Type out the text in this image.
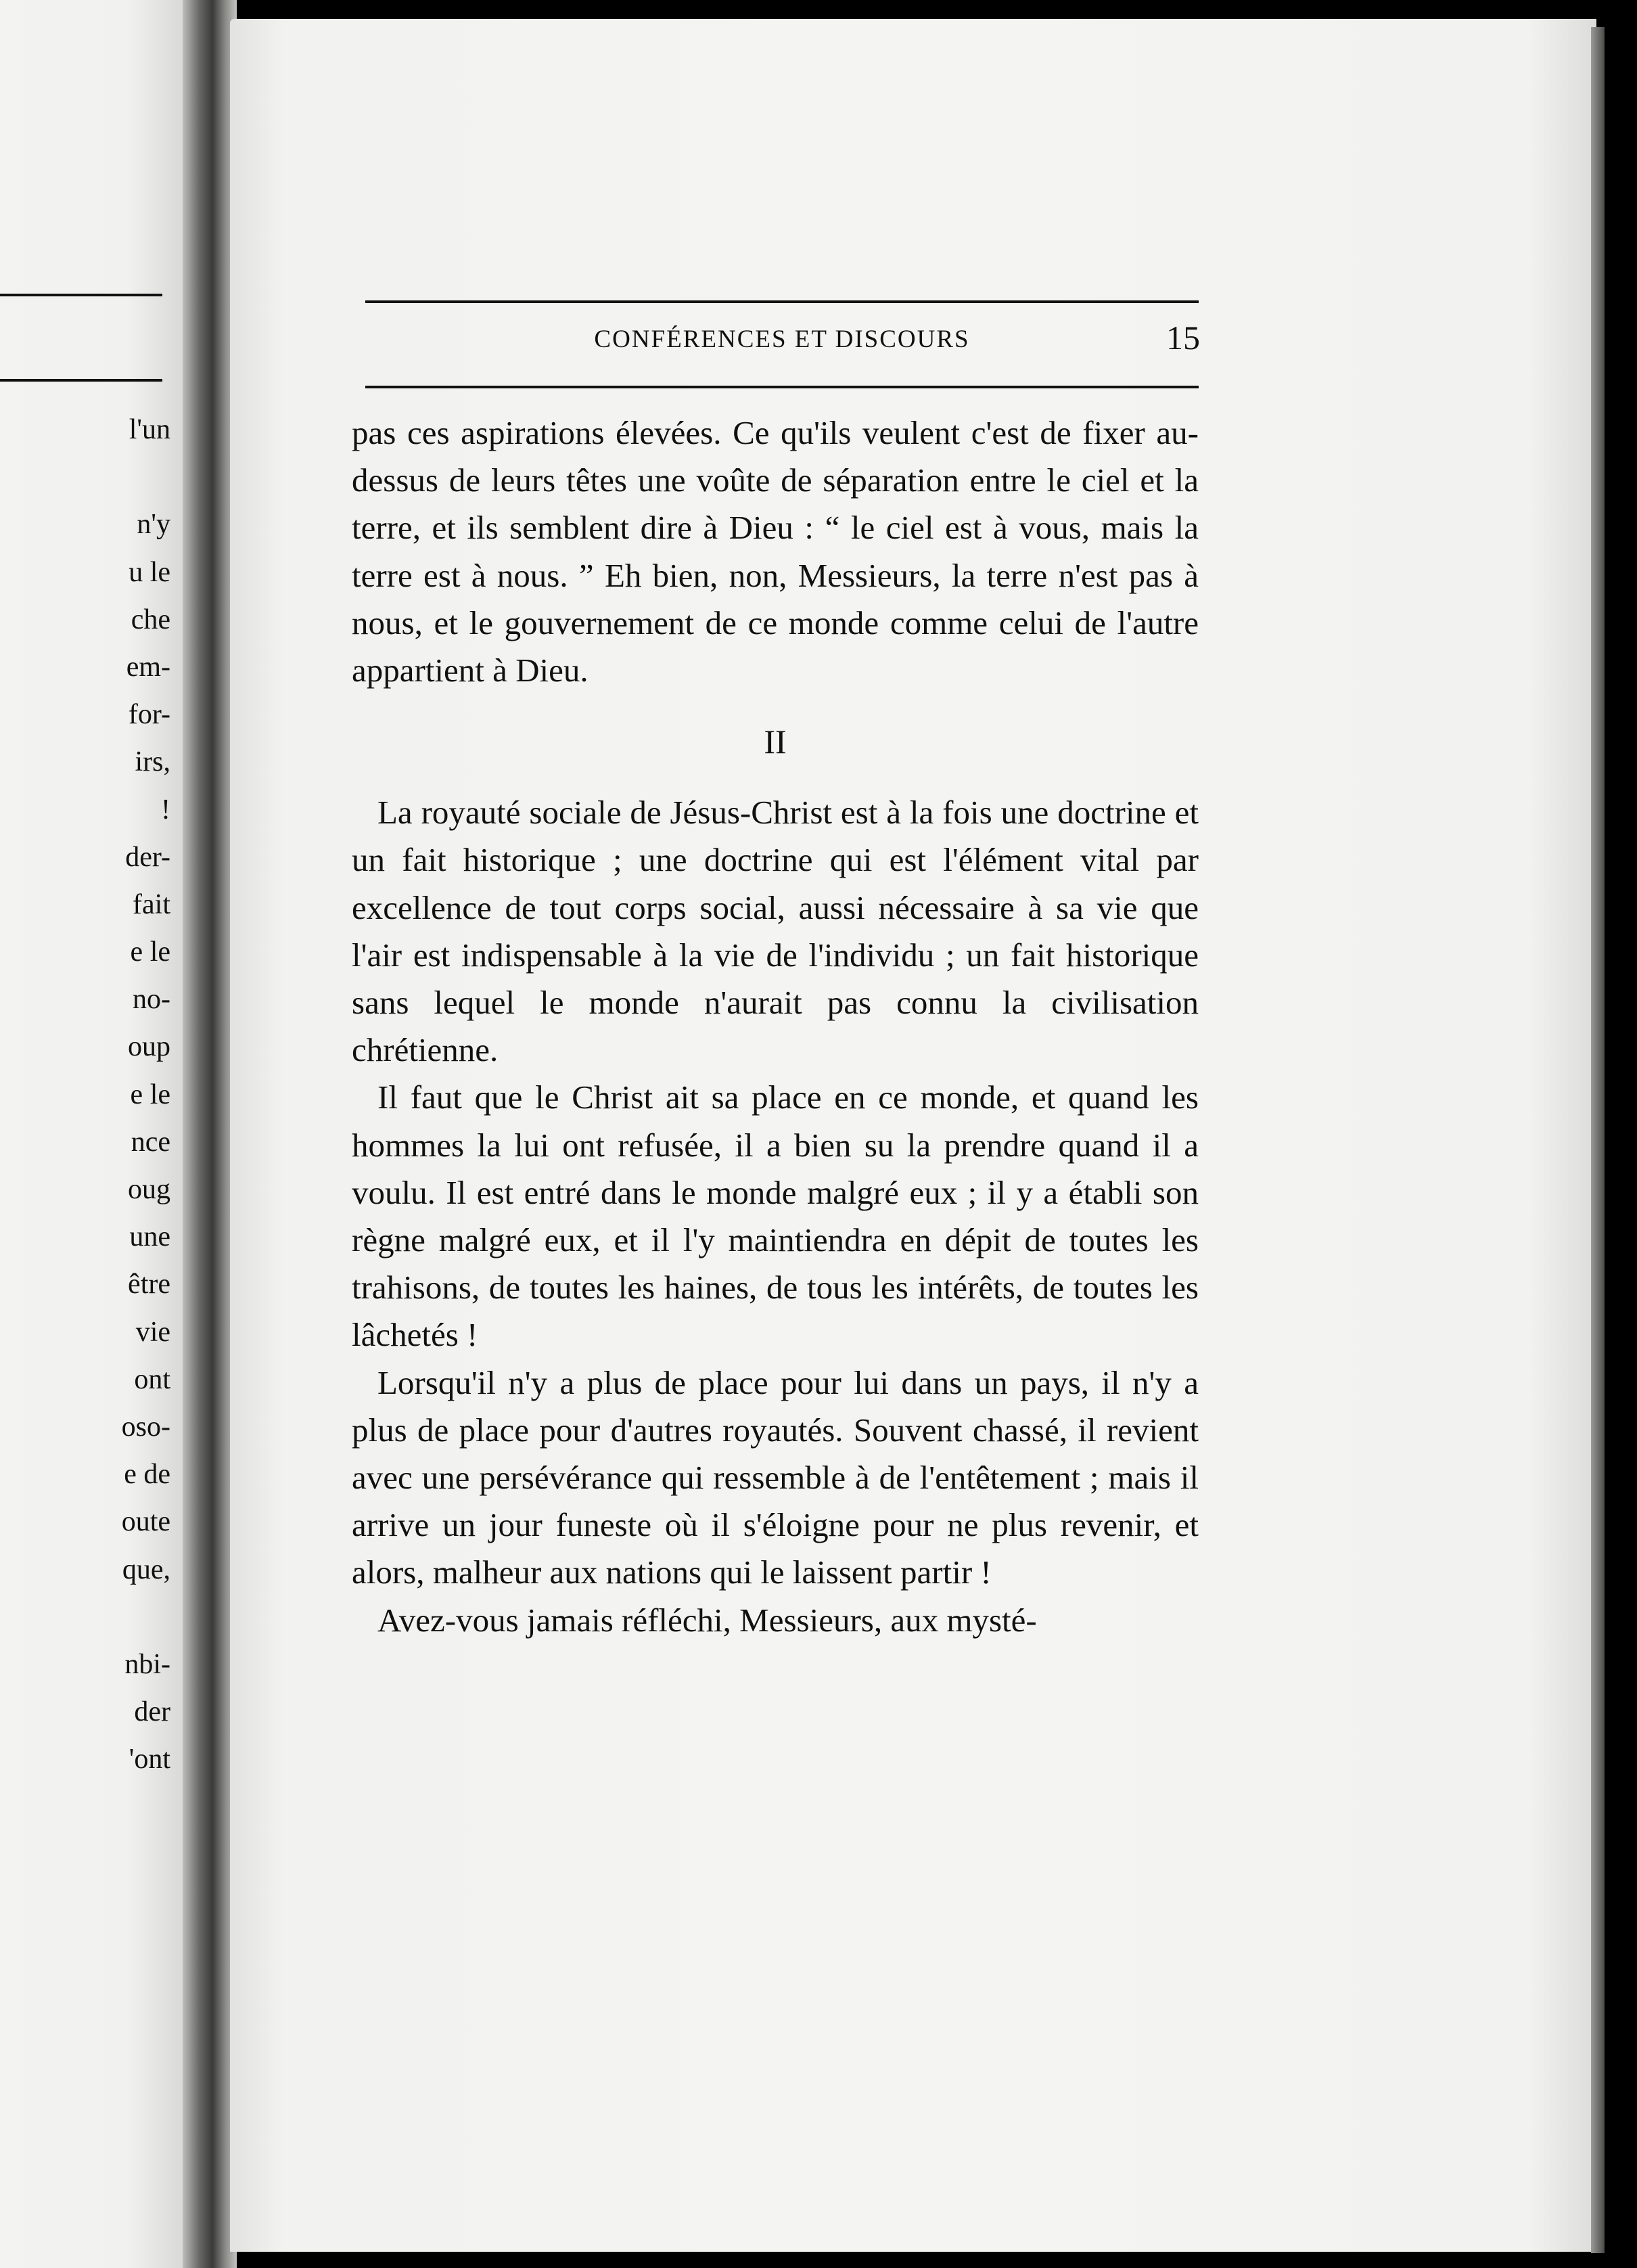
l'un
n'y
u le
che
em-
for-
irs,
!
der-
fait
e le
no-
oup
e le
nce
oug
une
être
vie
ont
oso-
e de
oute
que,
nbi-
der
'ont
CONFÉRENCES ET DISCOURS	15

pas ces aspirations élevées. Ce qu'ils veulent c'est de fixer au-dessus de leurs têtes une voûte de séparation entre le ciel et la terre, et ils semblent dire à Dieu : “ le ciel est à vous, mais la terre est à nous. ” Eh bien, non, Messieurs, la terre n'est pas à nous, et le gouvernement de ce monde comme celui de l'autre appartient à Dieu.

II

La royauté sociale de Jésus-Christ est à la fois une doctrine et un fait historique ; une doctrine qui est l'élément vital par excellence de tout corps social, aussi nécessaire à sa vie que l'air est indispensable à la vie de l'individu ; un fait historique sans lequel le monde n'aurait pas connu la civilisation chrétienne.

Il faut que le Christ ait sa place en ce monde, et quand les hommes la lui ont refusée, il a bien su la prendre quand il a voulu. Il est entré dans le monde malgré eux ; il y a établi son règne malgré eux, et il l'y maintiendra en dépit de toutes les trahisons, de toutes les haines, de tous les intérêts, de toutes les lâchetés !

Lorsqu'il n'y a plus de place pour lui dans un pays, il n'y a plus de place pour d'autres royautés. Souvent chassé, il revient avec une persévérance qui ressemble à de l'entêtement ; mais il arrive un jour funeste où il s'éloigne pour ne plus revenir, et alors, malheur aux nations qui le laissent partir !

Avez-vous jamais réfléchi, Messieurs, aux mysté-
